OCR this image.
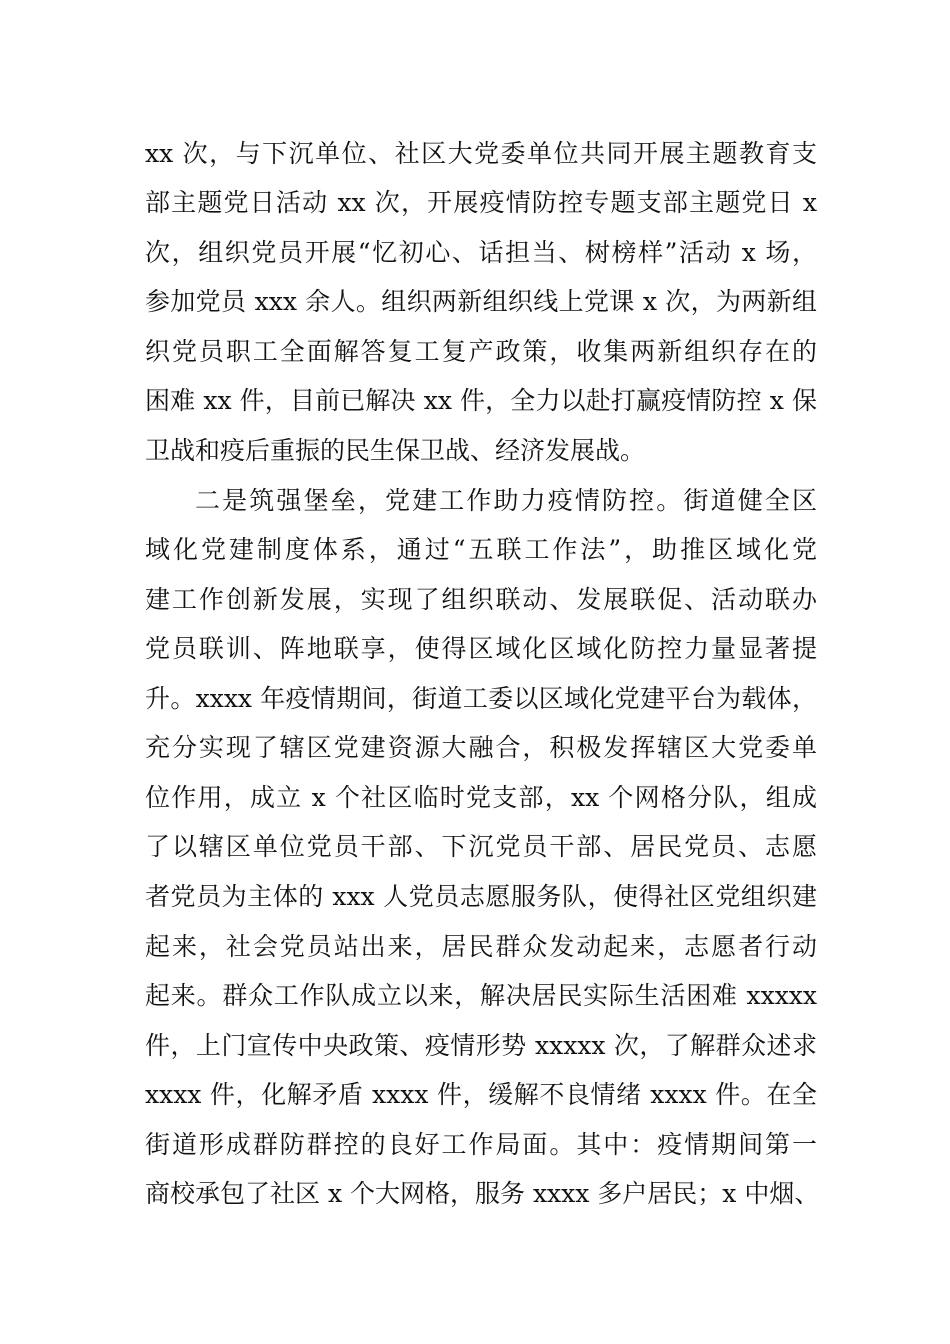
xx 次，与下沉单位、社区大党委单位共同开展主题教育支
部主题党日活动 xx 次，开展疫情防控专题支部主题党日 x
次，组织党员开展“忆初心、话担当、树榜样”活动 x 场，
参加党员 xxx 余人。组织两新组织线上党课 x 次，为两新组
织党员职工全面解答复工复产政策，收集两新组织存在的
困难 xx 件，目前已解决 xx 件，全力以赴打赢疫情防控 x 保
卫战和疫后重振的民生保卫战、经济发展战。
二是筑强堡垒，党建工作助力疫情防控。街道健全区
域化党建制度体系，通过“五联工作法”，助推区域化党
建工作创新发展，实现了组织联动、发展联促、活动联办
党员联训、阵地联享，使得区域化区域化防控力量显著提
升。xxxx 年疫情期间，街道工委以区域化党建平台为载体，
充分实现了辖区党建资源大融合，积极发挥辖区大党委单
位作用，成立 x 个社区临时党支部，xx 个网格分队，组成
了以辖区单位党员干部、下沉党员干部、居民党员、志愿
者党员为主体的 xxx 人党员志愿服务队，使得社区党组织建
起来，社会党员站出来，居民群众发动起来，志愿者行动
起来。群众工作队成立以来，解决居民实际生活困难 xxxxx
件，上门宣传中央政策、疫情形势 xxxxx 次，了解群众述求
xxxx 件，化解矛盾 xxxx 件，缓解不良情绪 xxxx 件。在全
街道形成群防群控的良好工作局面。其中：疫情期间第一
商校承包了社区 x 个大网格，服务 xxxx 多户居民；x 中烟、
